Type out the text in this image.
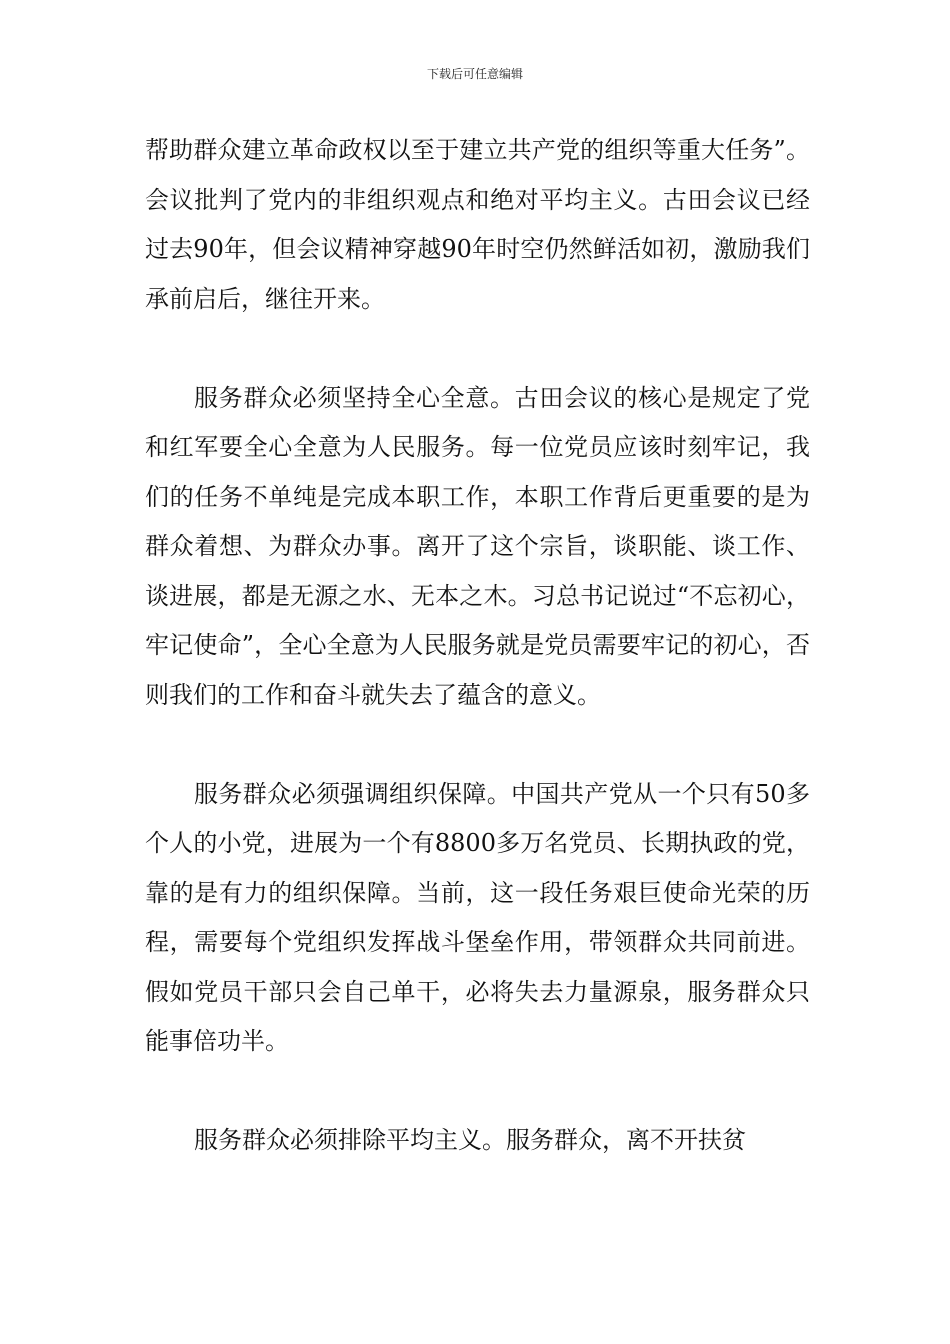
下载后可任意编辑

帮助群众建立革命政权以至于建立共产党的组织等重大任务”。会议批判了党内的非组织观点和绝对平均主义。古田会议已经过去90年，但会议精神穿越90年时空仍然鲜活如初，激励我们承前启后，继往开来。

服务群众必须坚持全心全意。古田会议的核心是规定了党和红军要全心全意为人民服务。每一位党员应该时刻牢记，我们的任务不单纯是完成本职工作，本职工作背后更重要的是为群众着想、为群众办事。离开了这个宗旨，谈职能、谈工作、谈进展，都是无源之水、无本之木。习总书记说过“不忘初心，牢记使命”，全心全意为人民服务就是党员需要牢记的初心，否则我们的工作和奋斗就失去了蕴含的意义。

服务群众必须强调组织保障。中国共产党从一个只有50多个人的小党，进展为一个有8800多万名党员、长期执政的党，靠的是有力的组织保障。当前，这一段任务艰巨使命光荣的历程，需要每个党组织发挥战斗堡垒作用，带领群众共同前进。假如党员干部只会自己单干，必将失去力量源泉，服务群众只能事倍功半。

服务群众必须排除平均主义。服务群众，离不开扶贫
